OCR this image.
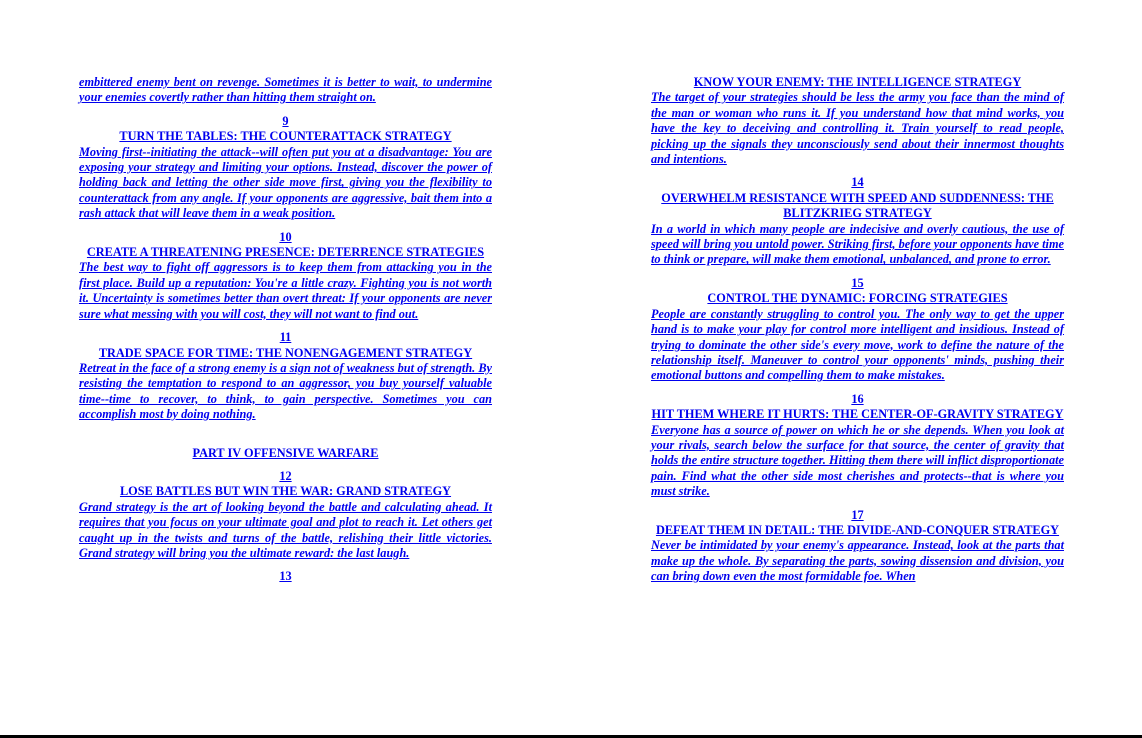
embittered enemy bent on revenge. Sometimes it is better to wait, to undermine your enemies covertly rather than hitting them straight on.

9

TURN THE TABLES: THE COUNTERATTACK STRATEGY

Moving first--initiating the attack--will often put you at a disadvantage: You are exposing your strategy and limiting your options. Instead, discover the power of holding back and letting the other side move first, giving you the flexibility to counterattack from any angle. If your opponents are aggressive, bait them into a rash attack that will leave them in a weak position.

10

CREATE A THREATENING PRESENCE: DETERRENCE STRATEGIES

The best way to fight off aggressors is to keep them from attacking you in the first place. Build up a reputation: You're a little crazy. Fighting you is not worth it. Uncertainty is sometimes better than overt threat: If your opponents are never sure what messing with you will cost, they will not want to find out.

11

TRADE SPACE FOR TIME: THE NONENGAGEMENT STRATEGY

Retreat in the face of a strong enemy is a sign not of weakness but of strength. By resisting the temptation to respond to an aggressor, you buy yourself valuable time--time to recover, to think, to gain perspective. Sometimes you can accomplish most by doing nothing.

PART IV OFFENSIVE WARFARE

12

LOSE BATTLES BUT WIN THE WAR: GRAND STRATEGY

Grand strategy is the art of looking beyond the battle and calculating ahead. It requires that you focus on your ultimate goal and plot to reach it. Let others get caught up in the twists and turns of the battle, relishing their little victories. Grand strategy will bring you the ultimate reward: the last laugh.

13

KNOW YOUR ENEMY: THE INTELLIGENCE STRATEGY

The target of your strategies should be less the army you face than the mind of the man or woman who runs it. If you understand how that mind works, you have the key to deceiving and controlling it. Train yourself to read people, picking up the signals they unconsciously send about their innermost thoughts and intentions.

14

OVERWHELM RESISTANCE WITH SPEED AND SUDDENNESS: THE BLITZKRIEG STRATEGY

In a world in which many people are indecisive and overly cautious, the use of speed will bring you untold power. Striking first, before your opponents have time to think or prepare, will make them emotional, unbalanced, and prone to error.

15

CONTROL THE DYNAMIC: FORCING STRATEGIES

People are constantly struggling to control you. The only way to get the upper hand is to make your play for control more intelligent and insidious. Instead of trying to dominate the other side's every move, work to define the nature of the relationship itself. Maneuver to control your opponents' minds, pushing their emotional buttons and compelling them to make mistakes.

16

HIT THEM WHERE IT HURTS: THE CENTER-OF-GRAVITY STRATEGY

Everyone has a source of power on which he or she depends. When you look at your rivals, search below the surface for that source, the center of gravity that holds the entire structure together. Hitting them there will inflict disproportionate pain. Find what the other side most cherishes and protects--that is where you must strike.

17

DEFEAT THEM IN DETAIL: THE DIVIDE-AND-CONQUER STRATEGY

Never be intimidated by your enemy's appearance. Instead, look at the parts that make up the whole. By separating the parts, sowing dissension and division, you can bring down even the most formidable foe. When
